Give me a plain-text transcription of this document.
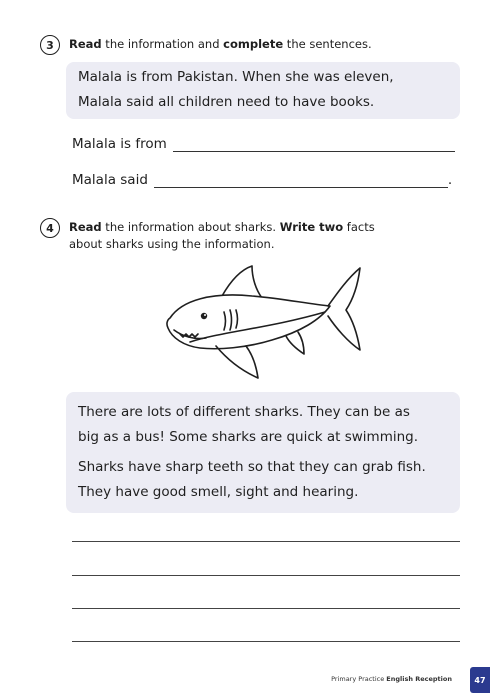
3	Read the information and complete the sentences.
Malala is from Pakistan. When she was eleven,
Malala said all children need to have books.
Malala is from
Malala said	.
4	Read the information about sharks. Write two facts
about sharks using the information.

There are lots of different sharks. They can be as
big as a bus! Some sharks are quick at swimming.

Sharks have sharp teeth so that they can grab fish.
They have good smell, sight and hearing.

Primary Practice English Reception	47
